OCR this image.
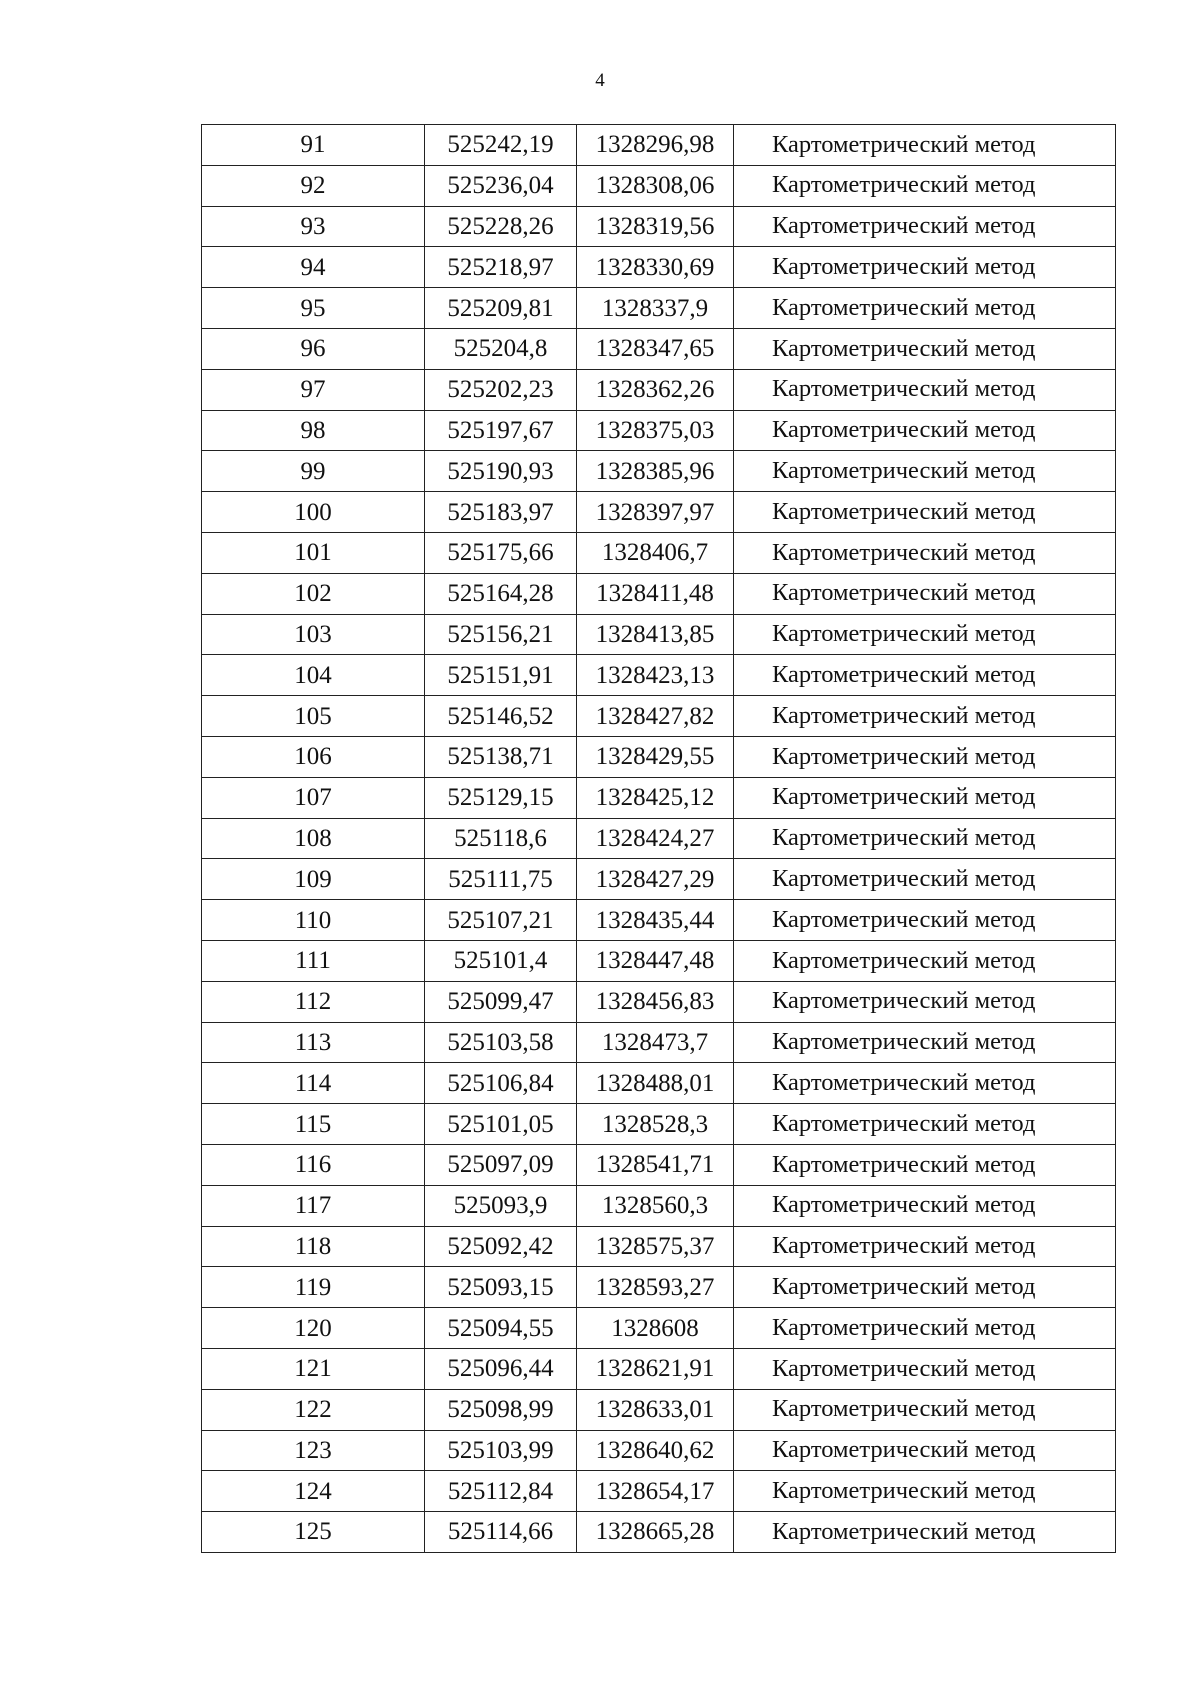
4
91	525242,19	1328296,98	Картометрический метод
92	525236,04	1328308,06	Картометрический метод
93	525228,26	1328319,56	Картометрический метод
94	525218,97	1328330,69	Картометрический метод
95	525209,81	1328337,9	Картометрический метод
96	525204,8	1328347,65	Картометрический метод
97	525202,23	1328362,26	Картометрический метод
98	525197,67	1328375,03	Картометрический метод
99	525190,93	1328385,96	Картометрический метод
100	525183,97	1328397,97	Картометрический метод
101	525175,66	1328406,7	Картометрический метод
102	525164,28	1328411,48	Картометрический метод
103	525156,21	1328413,85	Картометрический метод
104	525151,91	1328423,13	Картометрический метод
105	525146,52	1328427,82	Картометрический метод
106	525138,71	1328429,55	Картометрический метод
107	525129,15	1328425,12	Картометрический метод
108	525118,6	1328424,27	Картометрический метод
109	525111,75	1328427,29	Картометрический метод
110	525107,21	1328435,44	Картометрический метод
111	525101,4	1328447,48	Картометрический метод
112	525099,47	1328456,83	Картометрический метод
113	525103,58	1328473,7	Картометрический метод
114	525106,84	1328488,01	Картометрический метод
115	525101,05	1328528,3	Картометрический метод
116	525097,09	1328541,71	Картометрический метод
117	525093,9	1328560,3	Картометрический метод
118	525092,42	1328575,37	Картометрический метод
119	525093,15	1328593,27	Картометрический метод
120	525094,55	1328608	Картометрический метод
121	525096,44	1328621,91	Картометрический метод
122	525098,99	1328633,01	Картометрический метод
123	525103,99	1328640,62	Картометрический метод
124	525112,84	1328654,17	Картометрический метод
125	525114,66	1328665,28	Картометрический метод
